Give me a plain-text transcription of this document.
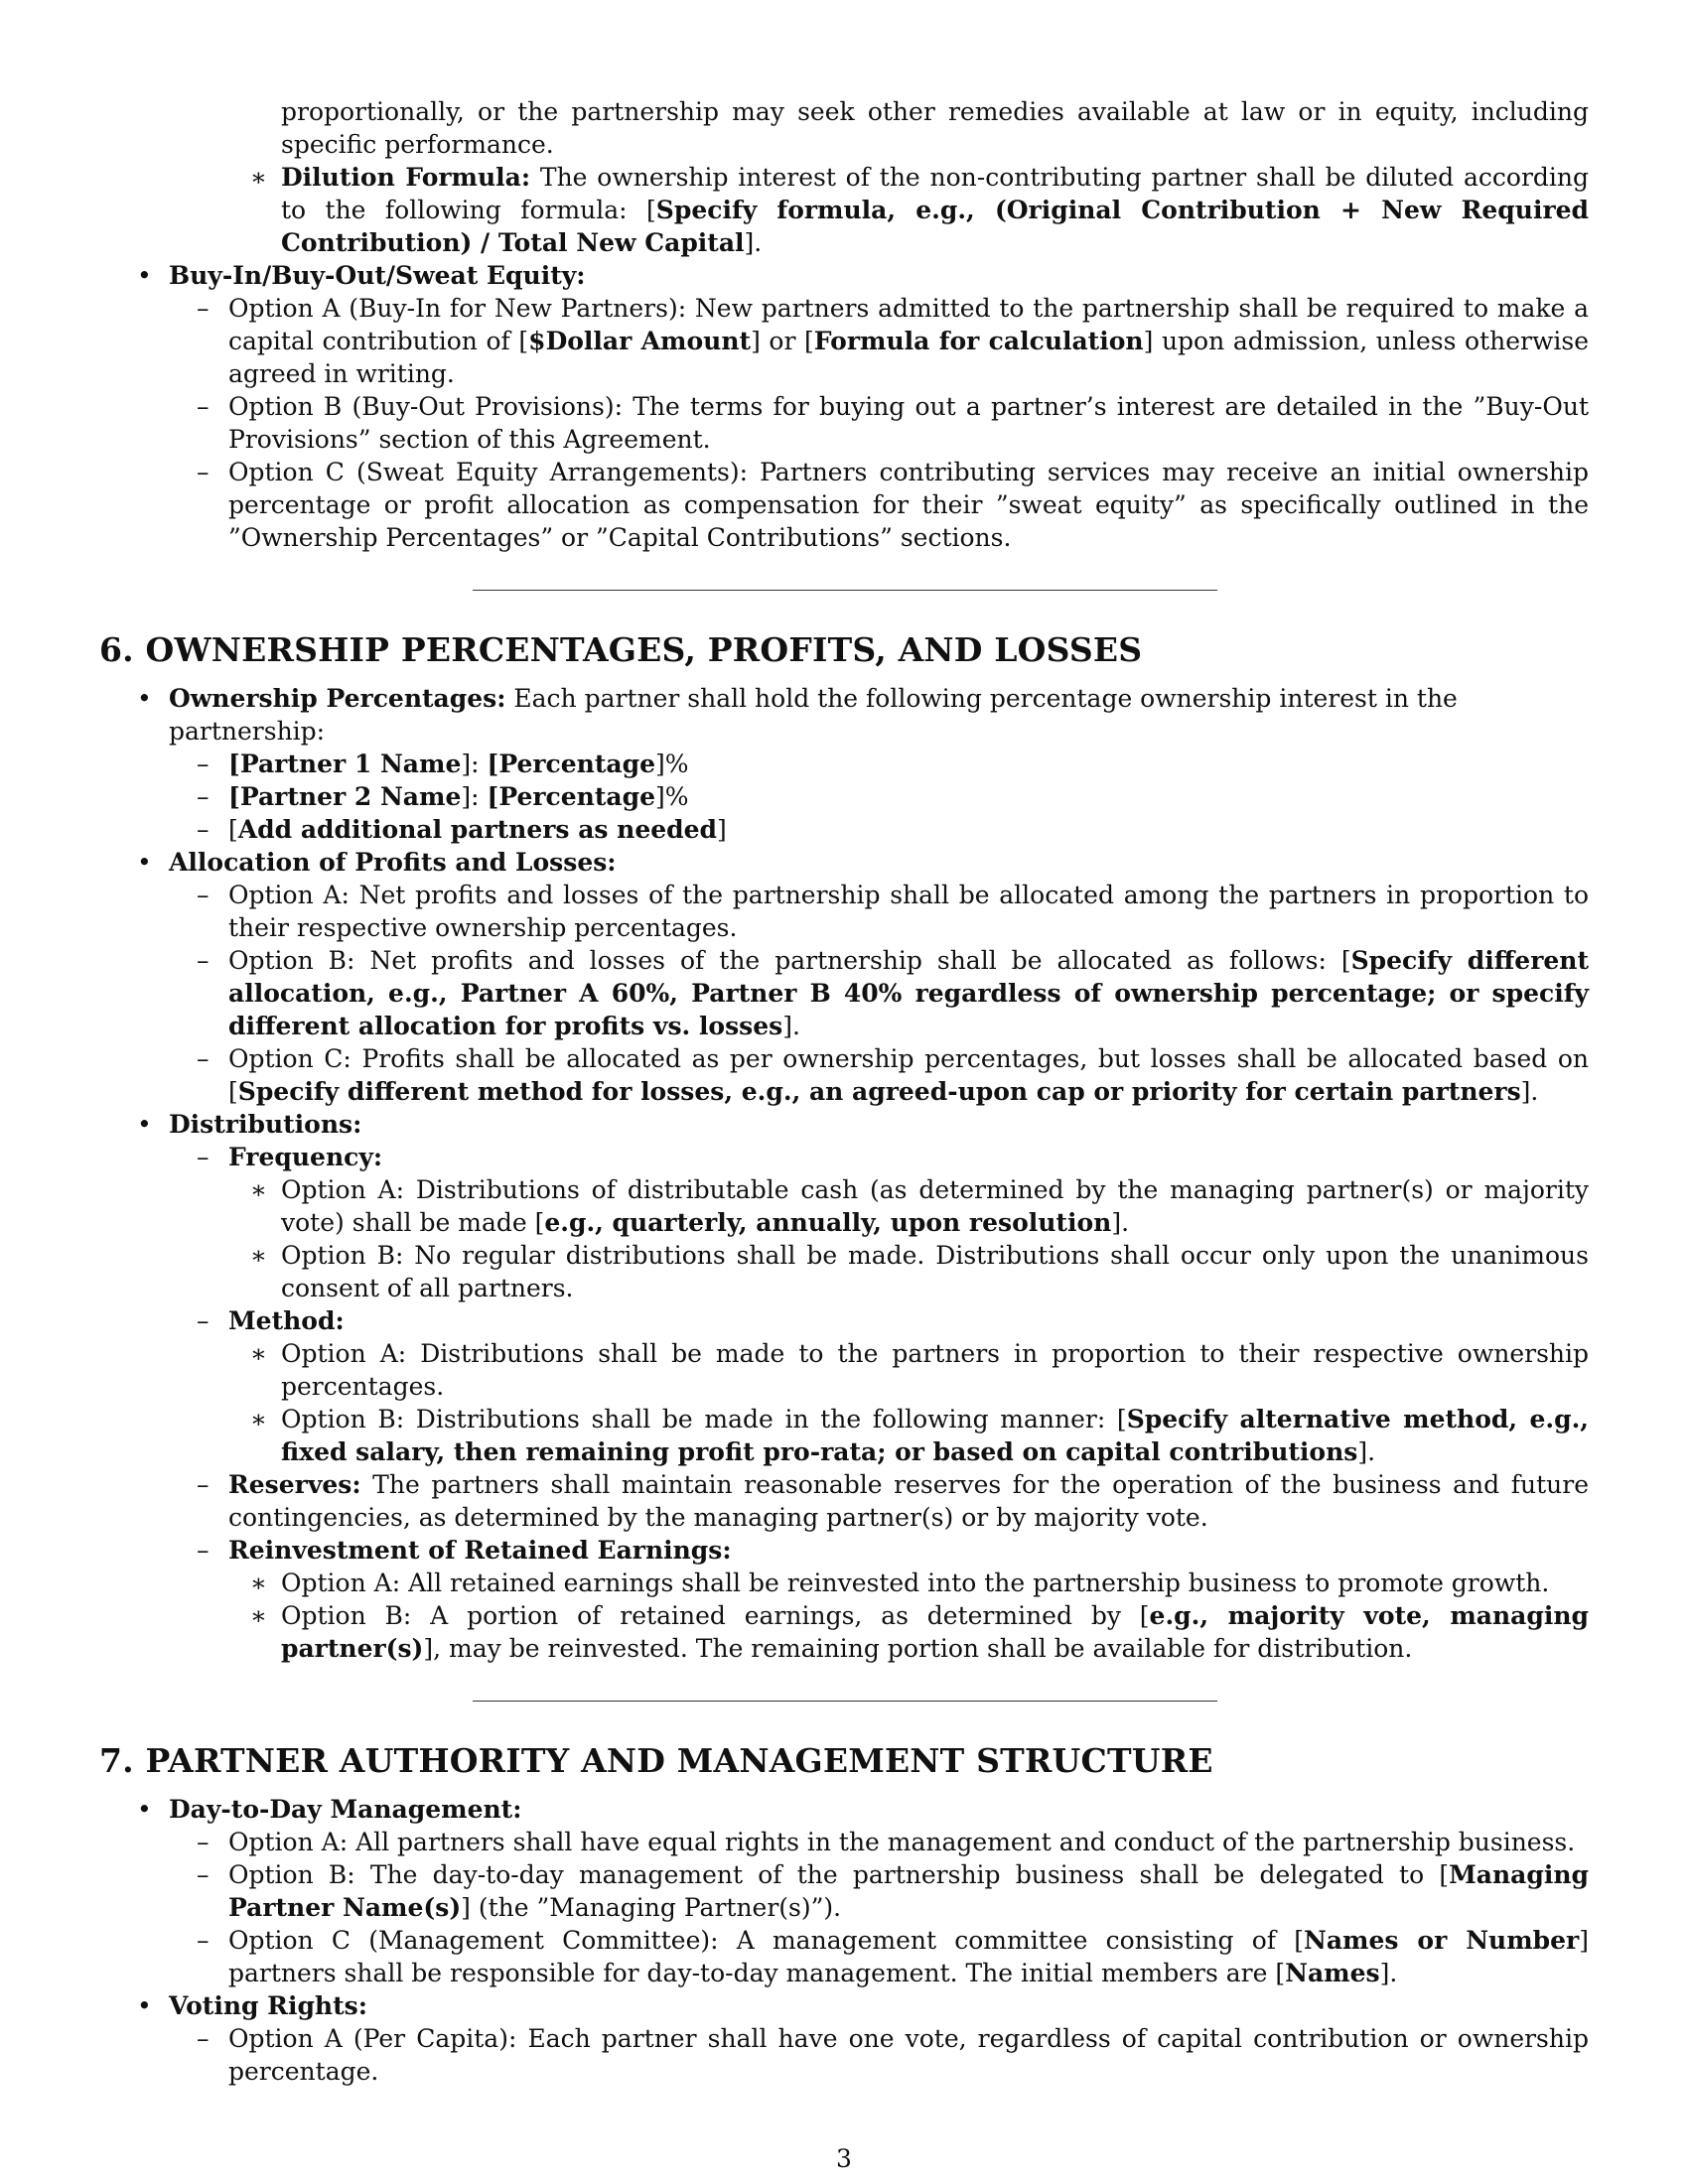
proportionally, or the partnership may seek other remedies available at law or in equity, including specific performance.
∗ Dilution Formula: The ownership interest of the non-contributing partner shall be diluted according to the following formula: [Specify formula, e.g., (Original Contribution + New Required Contribution) / Total New Capital].
• Buy-In/Buy-Out/Sweat Equity:
– Option A (Buy-In for New Partners): New partners admitted to the partnership shall be required to make a capital contribution of [$Dollar Amount] or [Formula for calculation] upon admission, unless otherwise agreed in writing.
– Option B (Buy-Out Provisions): The terms for buying out a partner’s interest are detailed in the ”Buy-Out Provisions” section of this Agreement.
– Option C (Sweat Equity Arrangements): Partners contributing services may receive an initial ownership percentage or profit allocation as compensation for their ”sweat equity” as specifically outlined in the ”Ownership Percentages” or ”Capital Contributions” sections.
6. OWNERSHIP PERCENTAGES, PROFITS, AND LOSSES
• Ownership Percentages: Each partner shall hold the following percentage ownership interest in the partnership:
– [Partner 1 Name]: [Percentage]%
– [Partner 2 Name]: [Percentage]%
– [Add additional partners as needed]
• Allocation of Profits and Losses:
– Option A: Net profits and losses of the partnership shall be allocated among the partners in proportion to their respective ownership percentages.
– Option B: Net profits and losses of the partnership shall be allocated as follows: [Specify different allocation, e.g., Partner A 60%, Partner B 40% regardless of ownership percentage; or specify different allocation for profits vs. losses].
– Option C: Profits shall be allocated as per ownership percentages, but losses shall be allocated based on [Specify different method for losses, e.g., an agreed-upon cap or priority for certain partners].
• Distributions:
– Frequency:
∗ Option A: Distributions of distributable cash (as determined by the managing partner(s) or majority vote) shall be made [e.g., quarterly, annually, upon resolution].
∗ Option B: No regular distributions shall be made. Distributions shall occur only upon the unanimous consent of all partners.
– Method:
∗ Option A: Distributions shall be made to the partners in proportion to their respective ownership percentages.
∗ Option B: Distributions shall be made in the following manner: [Specify alternative method, e.g., fixed salary, then remaining profit pro-rata; or based on capital contributions].
– Reserves: The partners shall maintain reasonable reserves for the operation of the business and future contingencies, as determined by the managing partner(s) or by majority vote.
– Reinvestment of Retained Earnings:
∗ Option A: All retained earnings shall be reinvested into the partnership business to promote growth.
∗ Option B: A portion of retained earnings, as determined by [e.g., majority vote, managing partner(s)], may be reinvested. The remaining portion shall be available for distribution.
7. PARTNER AUTHORITY AND MANAGEMENT STRUCTURE
• Day-to-Day Management:
– Option A: All partners shall have equal rights in the management and conduct of the partnership business.
– Option B: The day-to-day management of the partnership business shall be delegated to [Managing Partner Name(s)] (the ”Managing Partner(s)”).
– Option C (Management Committee): A management committee consisting of [Names or Number] partners shall be responsible for day-to-day management. The initial members are [Names].
• Voting Rights:
– Option A (Per Capita): Each partner shall have one vote, regardless of capital contribution or ownership percentage.
3
